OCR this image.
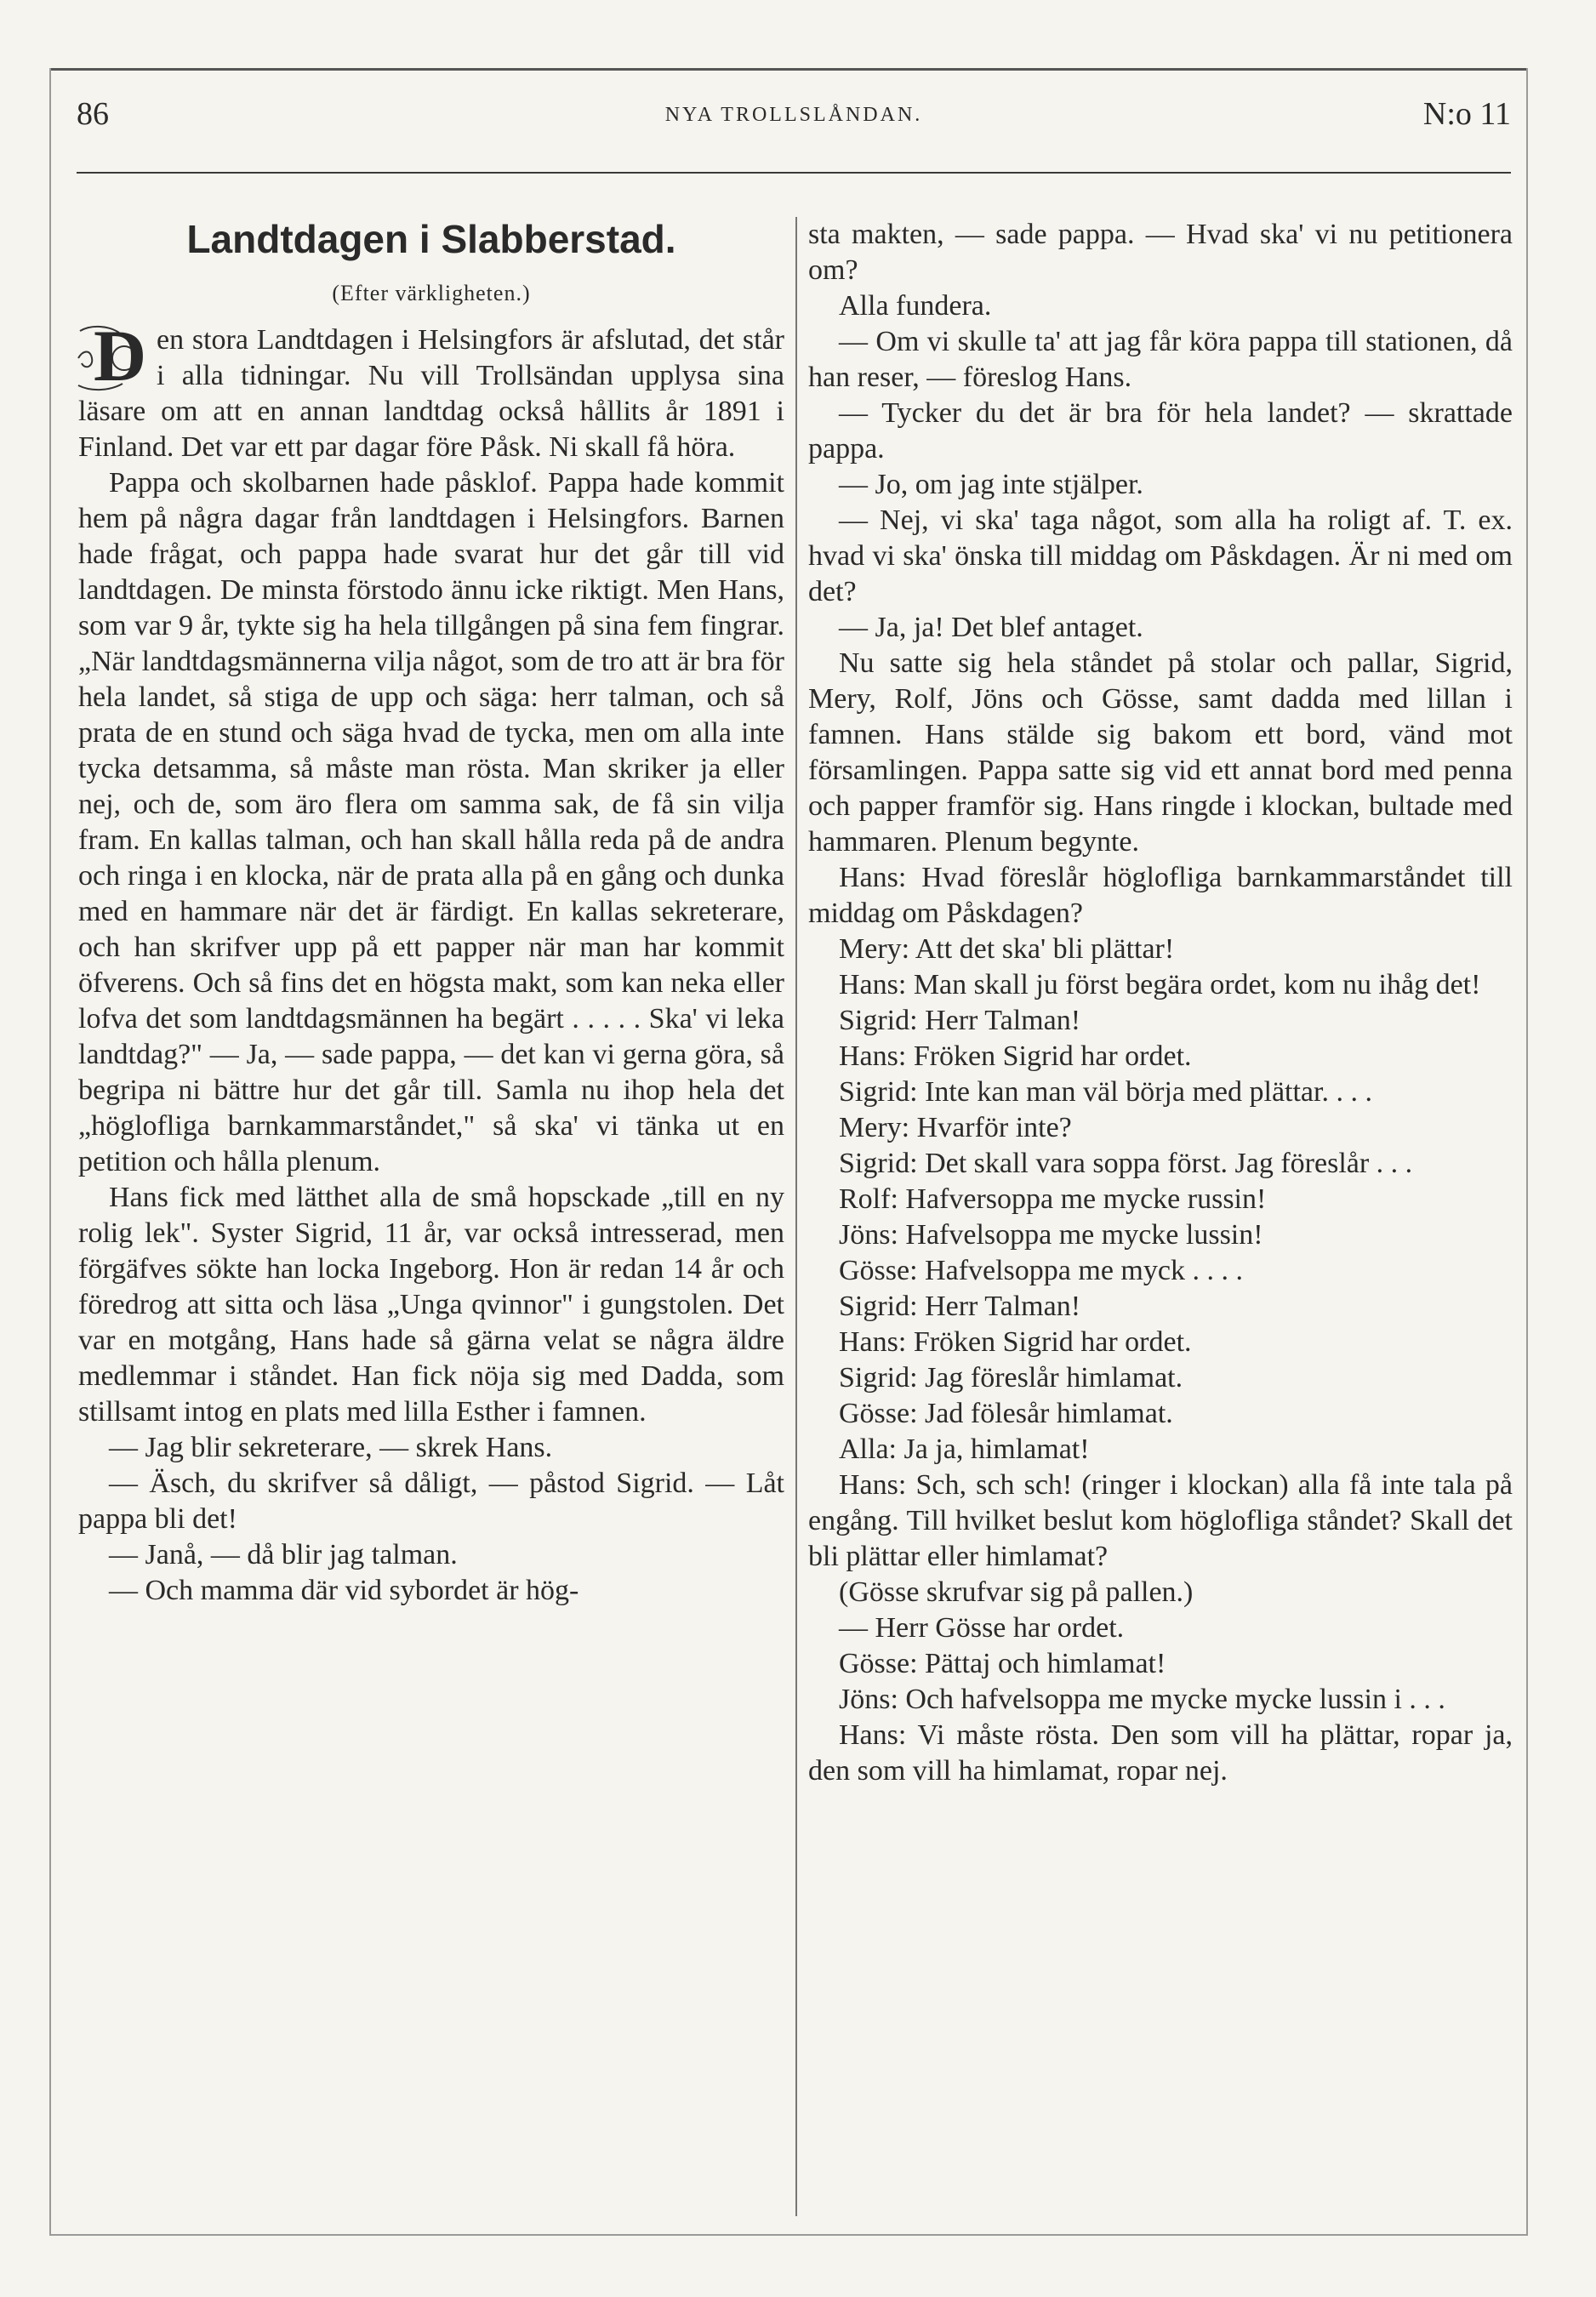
86	NYA TROLLSLÅNDAN.	N:o 11
Landtdagen i Slabberstad.
(Efter värkligheten.)
D en stora Landtdagen i Helsingfors är afslutad, det står i alla tidningar. Nu vill Trollsändan upplysa sina läsare om att en annan landtdag också hållits år 1891 i Finland. Det var ett par dagar före Påsk. Ni skall få höra.

Pappa och skolbarnen hade påsklof. Pappa hade kommit hem på några dagar från landtdagen i Helsingfors. Barnen hade frågat, och pappa hade svarat hur det går till vid landtdagen. De minsta förstodo ännu icke riktigt. Men Hans, som var 9 år, tykte sig ha hela tillgången på sina fem fingrar. „När landtdagsmännerna vilja något, som de tro att är bra för hela landet, så stiga de upp och säga: herr talman, och så prata de en stund och säga hvad de tycka, men om alla inte tycka detsamma, så måste man rösta. Man skriker ja eller nej, och de, som äro flera om samma sak, de få sin vilja fram. En kallas talman, och han skall hålla reda på de andra och ringa i en klocka, när de prata alla på en gång och dunka med en hammare när det är färdigt. En kallas sekreterare, och han skrifver upp på ett papper när man har kommit öfverens. Och så fins det en högsta makt, som kan neka eller lofva det som landtdagsmännen ha begärt . . . . . Ska' vi leka landtdag?" — Ja, — sade pappa, — det kan vi gerna göra, så begripa ni bättre hur det går till. Samla nu ihop hela det „höglofliga barnkammarståndet," så ska' vi tänka ut en petition och hålla plenum.

Hans fick med lätthet alla de små hopsckade „till en ny rolig lek". Syster Sigrid, 11 år, var också intresserad, men förgäfves sökte han locka Ingeborg. Hon är redan 14 år och föredrog att sitta och läsa „Unga qvinnor" i gungstolen. Det var en motgång, Hans hade så gärna velat se några äldre medlemmar i ståndet. Han fick nöja sig med Dadda, som stillsamt intog en plats med lilla Esther i famnen.

— Jag blir sekreterare, — skrek Hans.

— Äsch, du skrifver så dåligt, — påstod Sigrid. — Låt pappa bli det!

— Janå, — då blir jag talman.

— Och mamma där vid sybordet är hög-

sta makten, — sade pappa. — Hvad ska' vi nu petitionera om?

Alla fundera.

— Om vi skulle ta' att jag får köra pappa till stationen, då han reser, — föreslog Hans.

— Tycker du det är bra för hela landet? — skrattade pappa.

— Jo, om jag inte stjälper.

— Nej, vi ska' taga något, som alla ha roligt af. T. ex. hvad vi ska' önska till middag om Påskdagen. Är ni med om det?

— Ja, ja! Det blef antaget.

Nu satte sig hela ståndet på stolar och pallar, Sigrid, Mery, Rolf, Jöns och Gösse, samt dadda med lillan i famnen. Hans stälde sig bakom ett bord, vänd mot församlingen. Pappa satte sig vid ett annat bord med penna och papper framför sig. Hans ringde i klockan, bultade med hammaren. Plenum begynte.

Hans: Hvad föreslår höglofliga barnkammarståndet till middag om Påskdagen?

Mery: Att det ska' bli plättar!

Hans: Man skall ju först begära ordet, kom nu ihåg det!

Sigrid: Herr Talman!

Hans: Fröken Sigrid har ordet.

Sigrid: Inte kan man väl börja med plättar. . . .

Mery: Hvarför inte?

Sigrid: Det skall vara soppa först. Jag föreslår . . .

Rolf: Hafversoppa me mycke russin!

Jöns: Hafvelsoppa me mycke lussin!

Gösse: Hafvelsoppa me myck . . . .

Sigrid: Herr Talman!

Hans: Fröken Sigrid har ordet.

Sigrid: Jag föreslår himlamat.

Gösse: Jad fölesår himlamat.

Alla: Ja ja, himlamat!

Hans: Sch, sch sch! (ringer i klockan) alla få inte tala på engång. Till hvilket beslut kom höglofliga ståndet? Skall det bli plättar eller himlamat?

(Gösse skrufvar sig på pallen.)

— Herr Gösse har ordet.

Gösse: Pättaj och himlamat!

Jöns: Och hafvelsoppa me mycke mycke lussin i . . .

Hans: Vi måste rösta. Den som vill ha plättar, ropar ja, den som vill ha himlamat, ropar nej.
